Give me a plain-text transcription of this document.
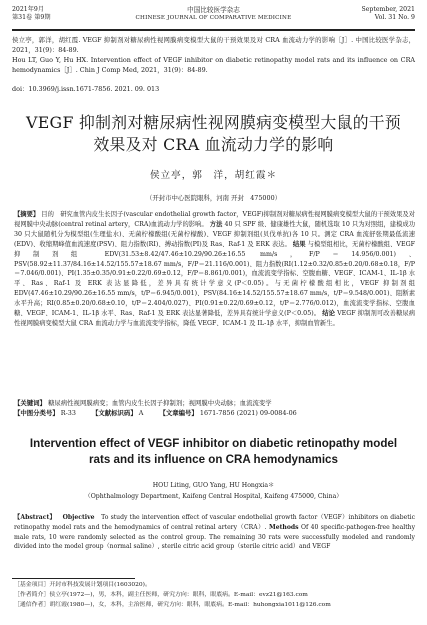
2021年9月
第31卷 第9期
中国比较医学杂志
CHINESE JOURNAL OF COMPARATIVE MEDICINE
September, 2021
Vol. 31 No. 9
侯立亭，郭洋，胡红霞. VEGF 抑制剂对糖尿病性视网膜病变模型大鼠的干预效果及对 CRA 血流动力学的影响［J］. 中国比较医学杂志，2021，31(9)：84-89.
Hou LT, Guo Y, Hu HX. Intervention effect of VEGF inhibitor on diabetic retinopathy model rats and its influence on CRA hemodynamics［J］. Chin J Comp Med, 2021，31(9)：84-89.
doi：10.3969/j.issn.1671-7856. 2021. 09. 013
VEGF 抑制剂对糖尿病性视网膜病变模型大鼠的干预效果及对 CRA 血流动力学的影响
侯立亭，郭　洋，胡红霞＊
（开封市中心医院眼科，河南 开封　475000）
【摘要】 目的　研究血管内皮生长因子(vascular endothelial growth factor，VEGF)抑制剂对糖尿病性视网膜病变模型大鼠的干预效果及对视网膜中央动脉(central retinal artery，CRA)血流动力学的影响。 方法 40 只 SPF 级、健康雄性大鼠，随机选取 10 只为对照组，建模成功 30 只大鼠随机分为模型组(生理盐水)、无菌柠檬酸组(无菌柠檬酸)、VEGF 抑制剂组(贝伐单抗)各 10 只。测定 CRA 血流舒张期最低流速(EDV)、收缩期峰值血流速度(PSV)、阻力指数(RI)、搏动指数(PI)及 Ras、Raf-1 及 ERK 表达。 结果 与模型组相比，无菌柠檬酸组、VEGF 抑制剂组 EDV(31.53±8.42/47.46±10.29/90.26±16.55 mm/s，F/P＝14.956/0.001)、PSV(58.92±11.37/84.16±14.52/155.57±18.67 mm/s，F/P＝21.116/0.001)、阻力指数(RI(1.12±0.32/0.85±0.20/0.68±0.18，F/P＝7.046/0.001)、PI(1.35±0.35/0.91±0.22/0.69±0.12，F/P＝8.861/0.001)，血流流变学指标、空腹血糖、VEGF、ICAM-1、IL-1β 水平、Ras、Raf-1 及 ERK 表达显降低，差异具有统计学意义(P＜0.05)。与无菌柠檬酸组相比，VEGF 抑制剂组 EDV(47.46±10.29/90.26±16.55 mm/s，t/P＝6.945/0.001)、PSV(84.16±14.52/155.57±18.67 mm/s，t/P＝9.548/0.001)、阻断素水平升高；RI(0.85±0.20/0.68±0.10，t/P＝2.404/0.027)、PI(0.91±0.22/0.69±0.12，t/P＝2.776/0.012)，血流流变学指标、空腹血糖、VEGF、ICAM-1、IL-1β 水平、Ras、Raf-1 及 ERK 表达显著降低，差异具有统计学意义(P＜0.05)。 结论 VEGF 抑制剂可改善糖尿病性视网膜病变模型大鼠 CRA 血流动力学与血流流变学指标，降低 VEGF、ICAM-1 及 IL-1β 水平，抑制血管新生。
【关键词】 糖尿病性视网膜病变；血管内皮生长因子抑制剂；视网膜中央动脉；血流流变学
【中图分类号】 R-33	【文献标识码】 A	【文章编号】 1671-7856 (2021) 09-0084-06
Intervention effect of VEGF inhibitor on diabetic retinopathy model rats and its influence on CRA hemodynamics
HOU Liting, GUO Yang, HU Hongxia＊
（Ophthalmology Department, Kaifeng Central Hospital, Kaifeng 475000, China）
【Abstract】 Objective To study the intervention effect of vascular endothelial growth factor（VEGF）inhibitors on diabetic retinopathy model rats and the hemodynamics of central retinal artery（CRA）. Methods Of 40 specific-pathogen-free healthy male rats, 10 were randomly selected as the control group. The remaining 30 rats were successfully modeled and randomly divided into the model group（normal saline）, sterile citric acid group（sterile citric acid）and VEGF
［基金项目］开封市科技发展计划项目(1603020)。
［作者简介］侯立亭(1972—)，男，本科，副主任医师，研究方向：眼科，眼底病。E-mail：evz21@163.com
［通信作者］胡红霞(1980—)，女，本科，主治医师，研究方向：眼科，眼底病。E-mail：huhongxia1011@126.com
